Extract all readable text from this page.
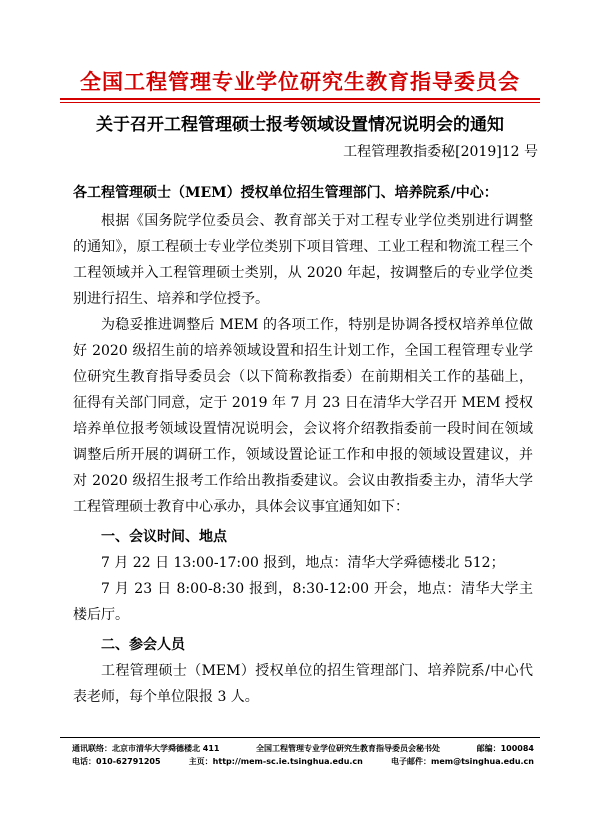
全国工程管理专业学位研究生教育指导委员会
关于召开工程管理硕士报考领域设置情况说明会的通知
工程管理教指委秘[2019]12 号

各工程管理硕士（MEM）授权单位招生管理部门、培养院系/中心：

根据《国务院学位委员会、教育部关于对工程专业学位类别进行调整的通知》，原工程硕士专业学位类别下项目管理、工业工程和物流工程三个工程领域并入工程管理硕士类别，从 2020 年起，按调整后的专业学位类别进行招生、培养和学位授予。

为稳妥推进调整后 MEM 的各项工作，特别是协调各授权培养单位做好 2020 级招生前的培养领域设置和招生计划工作，全国工程管理专业学位研究生教育指导委员会（以下简称教指委）在前期相关工作的基础上，征得有关部门同意，定于 2019 年 7 月 23 日在清华大学召开 MEM 授权培养单位报考领域设置情况说明会，会议将介绍教指委前一段时间在领域调整后所开展的调研工作，领域设置论证工作和申报的领域设置建议，并对 2020 级招生报考工作给出教指委建议。会议由教指委主办，清华大学工程管理硕士教育中心承办，具体会议事宜通知如下：

一、会议时间、地点

7 月 22 日 13:00-17:00 报到，地点：清华大学舜德楼北 512；

7 月 23 日 8:00-8:30 报到，8:30-12:00 开会，地点：清华大学主楼后厅。

二、参会人员

工程管理硕士（MEM）授权单位的招生管理部门、培养院系/中心代表老师，每个单位限报 3 人。

通讯联络：北京市清华大学舜德楼北 411	全国工程管理专业学位研究生教育指导委员会秘书处	邮编：100084
电话：010-62791205	主页：http://mem-sc.ie.tsinghua.edu.cn	电子邮件：mem@tsinghua.edu.cn
